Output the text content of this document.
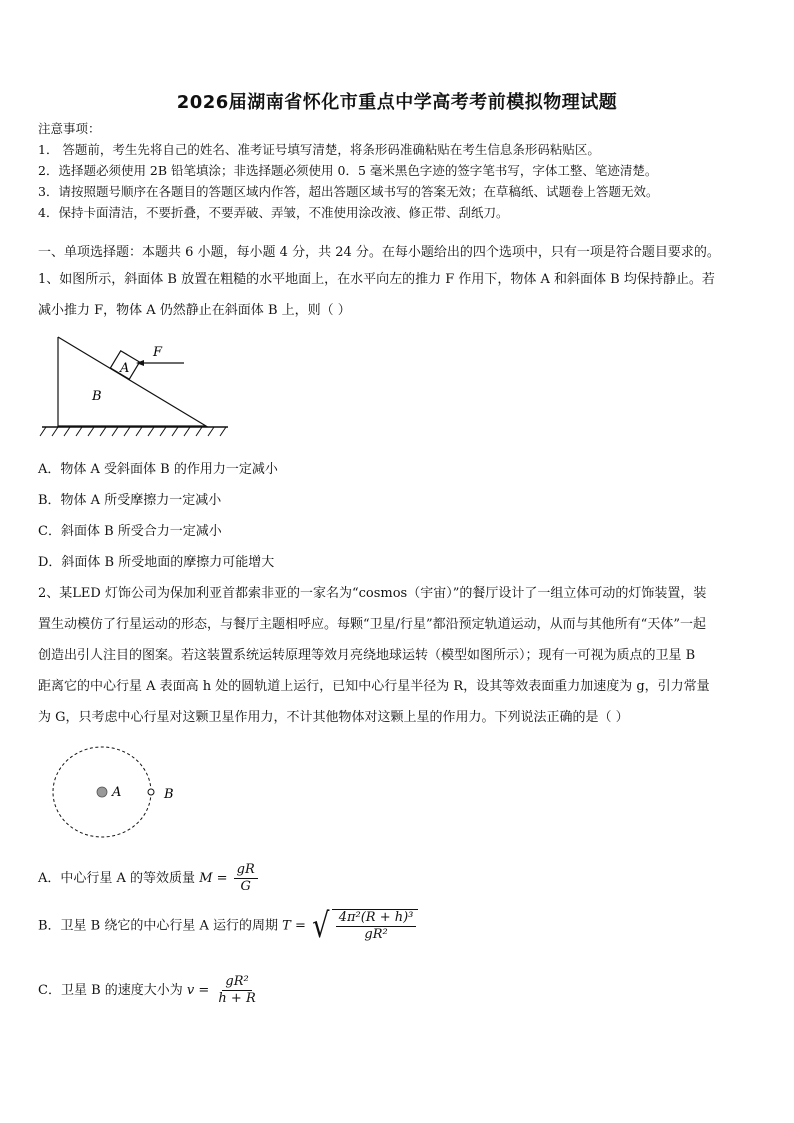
2026届湖南省怀化市重点中学高考考前模拟物理试题
注意事项：
1． 答题前，考生先将自己的姓名、准考证号填写清楚，将条形码准确粘贴在考生信息条形码粘贴区。
2．选择题必须使用 2B 铅笔填涂；非选择题必须使用 0．5 毫米黑色字迹的签字笔书写，字体工整、笔迹清楚。
3．请按照题号顺序在各题目的答题区域内作答，超出答题区域书写的答案无效；在草稿纸、试题卷上答题无效。
4．保持卡面清洁，不要折叠，不要弄破、弄皱，不准使用涂改液、修正带、刮纸刀。
一、单项选择题：本题共 6 小题，每小题 4 分，共 24 分。在每小题给出的四个选项中，只有一项是符合题目要求的。
1、如图所示，斜面体 B 放置在粗糙的水平地面上，在水平向左的推力 F 作用下，物体 A 和斜面体 B 均保持静止。若
减小推力 F，物体 A 仍然静止在斜面体 B 上，则（ ）
A
B
F
A．物体 A 受斜面体 B 的作用力一定减小
B．物体 A 所受摩擦力一定减小
C．斜面体 B 所受合力一定减小
D．斜面体 B 所受地面的摩擦力可能增大
2、某LED 灯饰公司为保加利亚首都索非亚的一家名为“cosmos（宇宙）”的餐厅设计了一组立体可动的灯饰装置，装
置生动模仿了行星运动的形态，与餐厅主题相呼应。每颗“卫星/行星”都沿预定轨道运动，从而与其他所有“天体”一起
创造出引人注目的图案。若这装置系统运转原理等效月亮绕地球运转（模型如图所示）；现有一可视为质点的卫星 B
距离它的中心行星 A 表面高 h 处的圆轨道上运行，已知中心行星半径为 R，设其等效表面重力加速度为 g，引力常量
为 G，只考虑中心行星对这颗卫星作用力，不计其他物体对这颗上星的作用力。下列说法正确的是（ ）
A	B
A．中心行星 A 的等效质量 $M = \frac{gR}{G}$
B．卫星 B 绕它的中心行星 A 运行的周期 T = √ $\frac{\text{4π²(R + h)³}}{\text{gR²}}$
C．卫星 B 的速度大小为 $v = \frac{\text{gR²}}{h + R}$
